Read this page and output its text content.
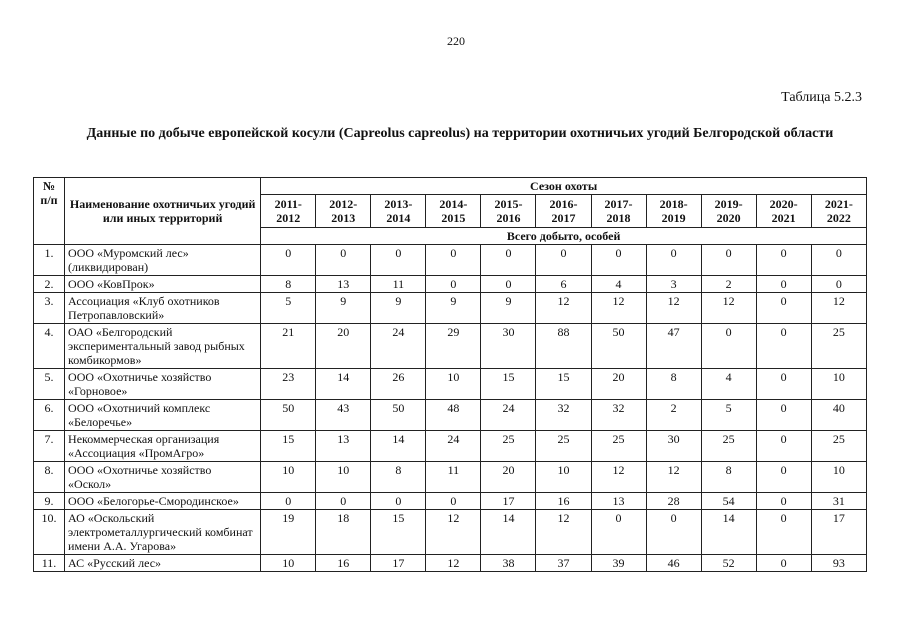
220
Таблица 5.2.3
Данные по добыче европейской косули (Capreolus capreolus) на территории охотничьих угодий Белгородской области
№
п/п	Наименование охотничьих угодий или иных территорий	Сезон охоты										
		2011-2012	2012-2013	2013-2014	2014-2015	2015-2016	2016-2017	2017-2018	2018-2019	2019-2020	2020-2021	2021-2022
		Всего добыто, особей										
1.	ООО «Муромский лес» (ликвидирован)	0	0	0	0	0	0	0	0	0	0	0
2.	ООО «КовПрок»	8	13	11	0	0	6	4	3	2	0	0
3.	Ассоциация «Клуб охотников Петропавловский»	5	9	9	9	9	12	12	12	12	0	12
4.	ОАО «Белгородский экспериментальный завод рыбных комбикормов»	21	20	24	29	30	88	50	47	0	0	25
5.	ООО «Охотничье хозяйство «Горновое»	23	14	26	10	15	15	20	8	4	0	10
6.	ООО «Охотничий комплекс «Белоречье»	50	43	50	48	24	32	32	2	5	0	40
7.	Некоммерческая организация «Ассоциация «ПромАгро»	15	13	14	24	25	25	25	30	25	0	25
8.	ООО «Охотничье хозяйство «Оскол»	10	10	8	11	20	10	12	12	8	0	10
9.	ООО «Белогорье-Смородинское»	0	0	0	0	17	16	13	28	54	0	31
10.	АО «Оскольский электрометаллургический комбинат имени А.А. Угарова»	19	18	15	12	14	12	0	0	14	0	17
11.	АС «Русский лес»	10	16	17	12	38	37	39	46	52	0	93
